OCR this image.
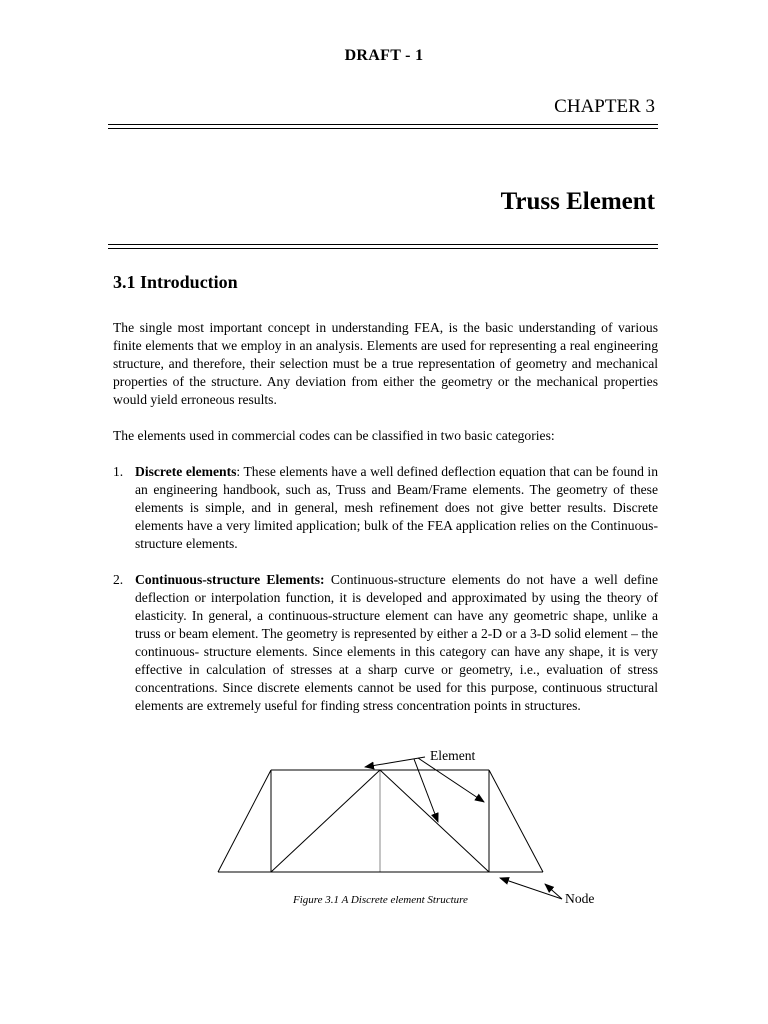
DRAFT - 1
CHAPTER 3
Truss Element
3.1 Introduction
The single most important concept in understanding FEA, is the basic understanding of various finite elements that we employ in an analysis. Elements are used for representing a real engineering structure, and therefore, their selection must be a true representation of geometry and mechanical properties of the structure. Any deviation from either the geometry or the mechanical properties would yield erroneous results.
The elements used in commercial codes can be classified in two basic categories:
1. Discrete elements: These elements have a well defined deflection equation that can be found in an engineering handbook, such as, Truss and Beam/Frame elements. The geometry of these elements is simple, and in general, mesh refinement does not give better results. Discrete elements have a very limited application; bulk of the FEA application relies on the Continuous-structure elements.
2. Continuous-structure Elements: Continuous-structure elements do not have a well define deflection or interpolation function, it is developed and approximated by using the theory of elasticity. In general, a continuous-structure element can have any geometric shape, unlike a truss or beam element. The geometry is represented by either a 2-D or a 3-D solid element – the continuous- structure elements. Since elements in this category can have any shape, it is very effective in calculation of stresses at a sharp curve or geometry, i.e., evaluation of stress concentrations. Since discrete elements cannot be used for this purpose, continuous structural elements are extremely useful for finding stress concentration points in structures.
Element
Node
Figure 3.1 A Discrete element Structure
